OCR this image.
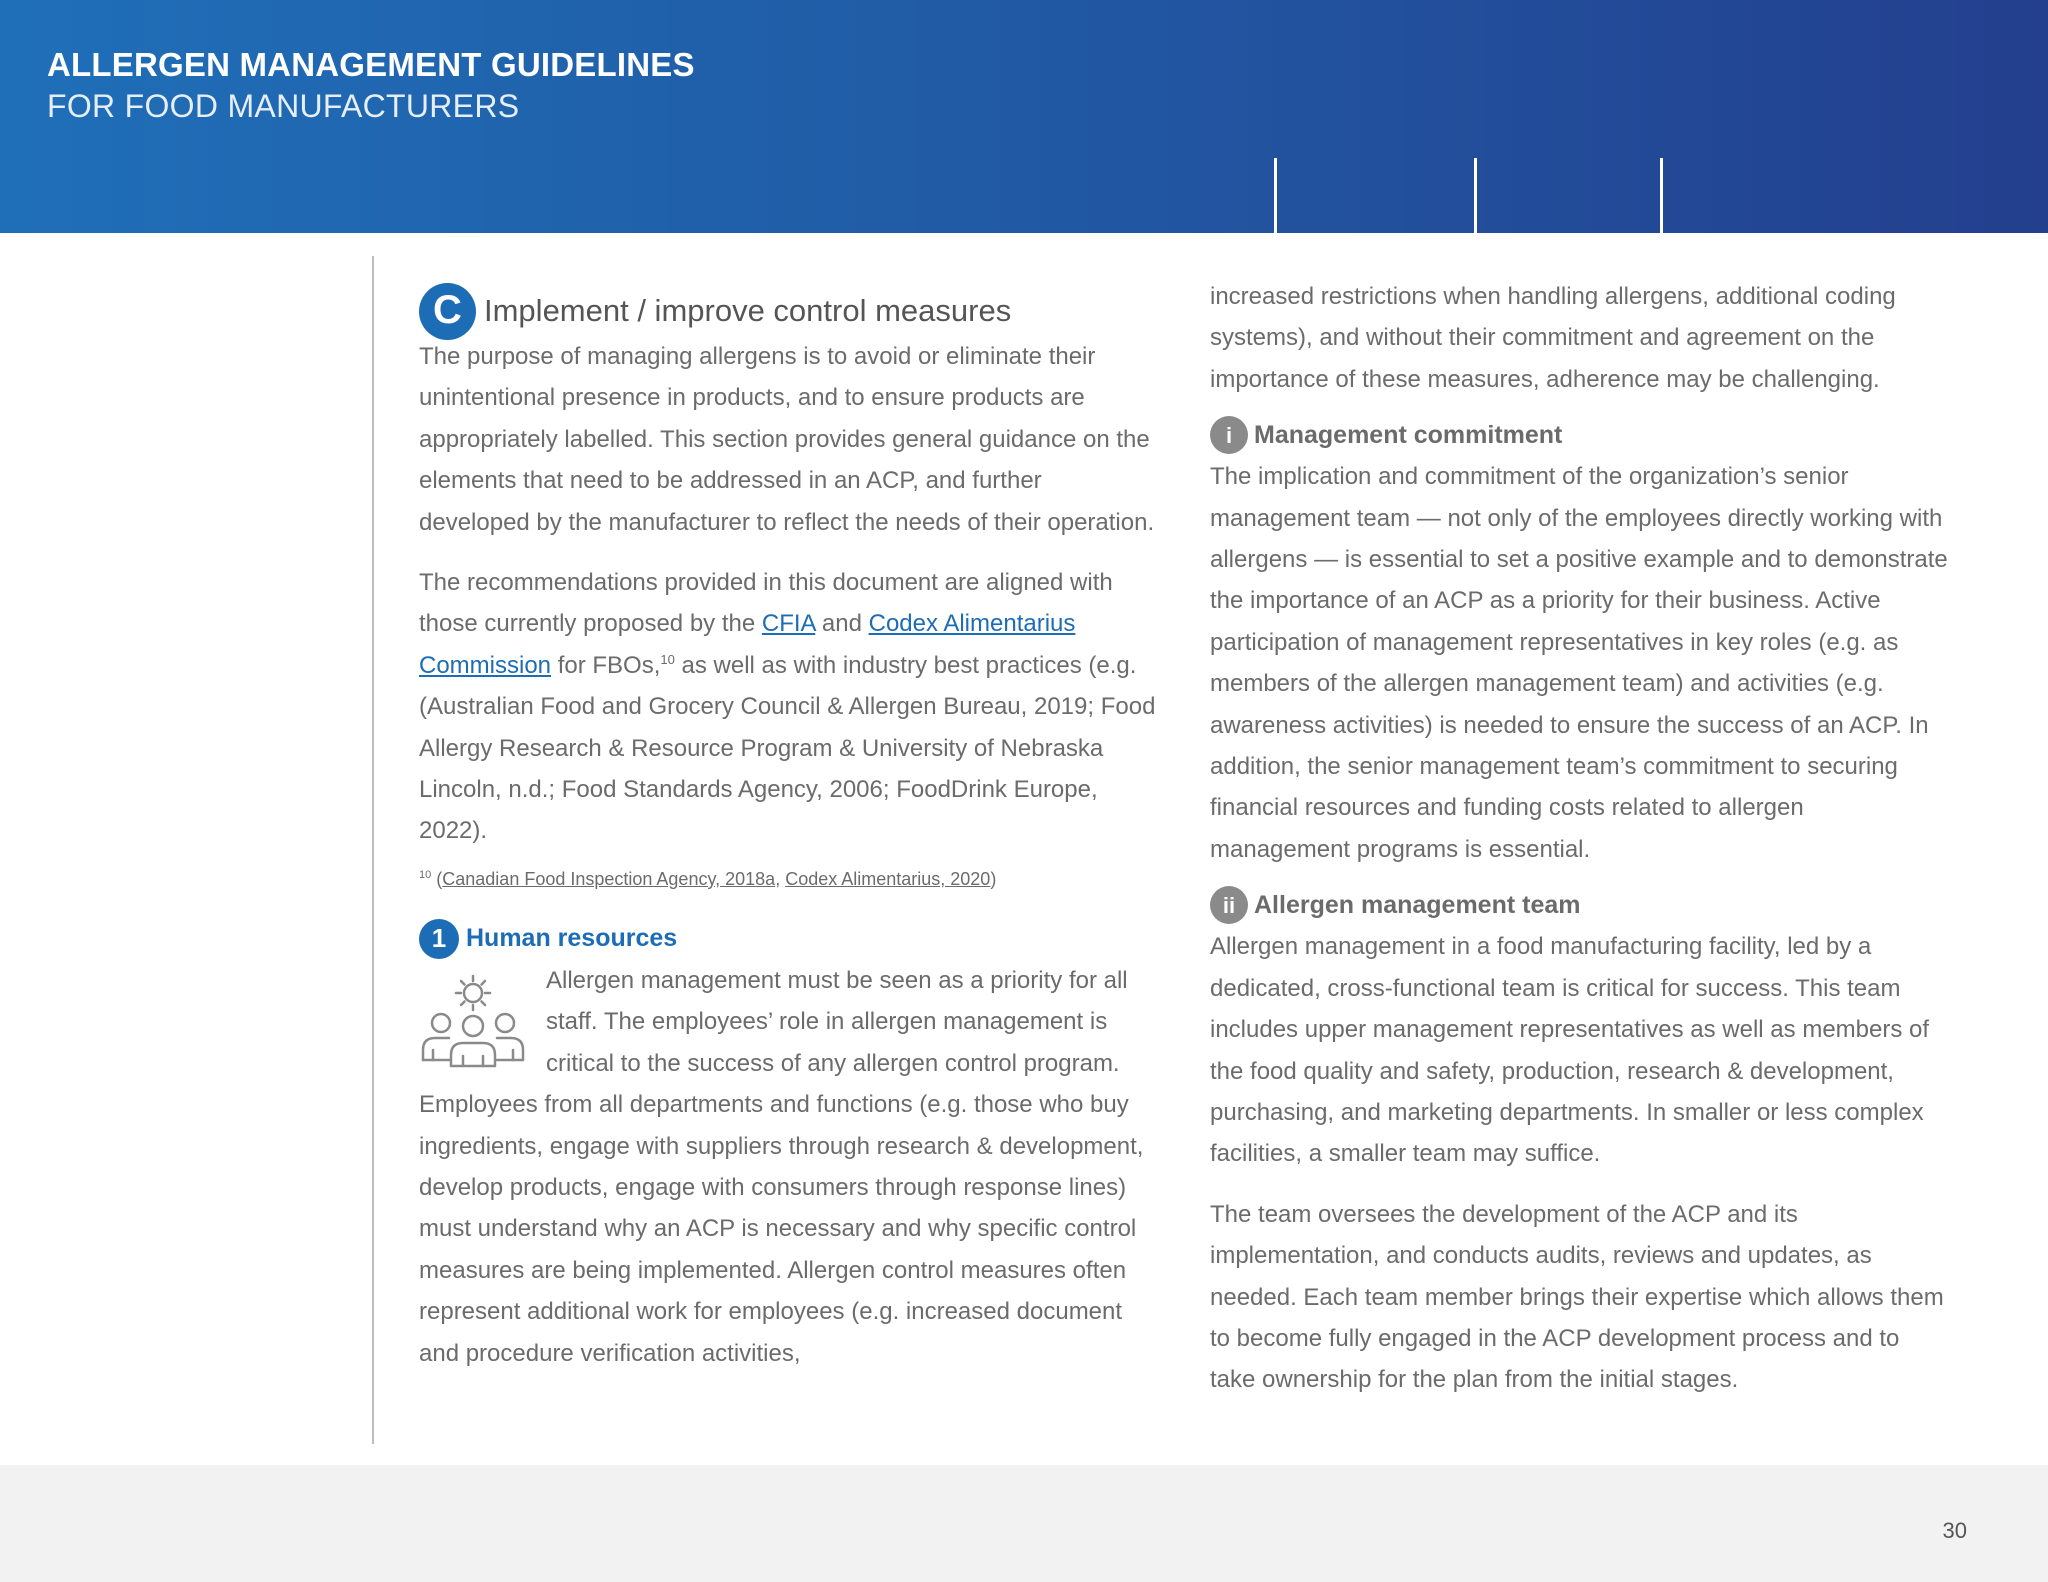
ALLERGEN MANAGEMENT GUIDELINES
FOR FOOD MANUFACTURERS
C Implement / improve control measures

The purpose of managing allergens is to avoid or eliminate their unintentional presence in products, and to ensure products are appropriately labelled. This section provides general guidance on the elements that need to be addressed in an ACP, and further developed by the manufacturer to reflect the needs of their operation.

The recommendations provided in this document are aligned with those currently proposed by the CFIA and Codex Alimentarius Commission for FBOs,$^{10}$ as well as with industry best practices (e.g. (Australian Food and Grocery Council & Allergen Bureau, 2019; Food Allergy Research & Resource Program & University of Nebraska Lincoln, n.d.; Food Standards Agency, 2006; FoodDrink Europe, 2022).

$^{10}$ (Canadian Food Inspection Agency, 2018a, Codex Alimentarius, 2020)
1 Human resources
Allergen management must be seen as a priority for all
staff. The employees’ role in allergen management is
critical to the success of any allergen control program.

Employees from all departments and functions (e.g. those who buy ingredients, engage with suppliers through research & development, develop products, engage with consumers through response lines) must understand why an ACP is necessary and why specific control measures are being implemented. Allergen control measures often represent additional work for employees (e.g. increased document and procedure verification activities,

increased restrictions when handling allergens, additional coding systems), and without their commitment and agreement on the importance of these measures, adherence may be challenging.

i Management commitment

The implication and commitment of the organization’s senior management team — not only of the employees directly working with allergens — is essential to set a positive example and to demonstrate the importance of an ACP as a priority for their business. Active participation of management representatives in key roles (e.g. as members of the allergen management team) and activities (e.g. awareness activities) is needed to ensure the success of an ACP. In addition, the senior management team’s commitment to securing financial resources and funding costs related to allergen management programs is essential.

ii Allergen management team

Allergen management in a food manufacturing facility, led by a dedicated, cross-functional team is critical for success. This team includes upper management representatives as well as members of the food quality and safety, production, research & development, purchasing, and marketing departments. In smaller or less complex facilities, a smaller team may suffice.

The team oversees the development of the ACP and its implementation, and conducts audits, reviews and updates, as needed. Each team member brings their expertise which allows them to become fully engaged in the ACP development process and to take ownership for the plan from the initial stages.

30
